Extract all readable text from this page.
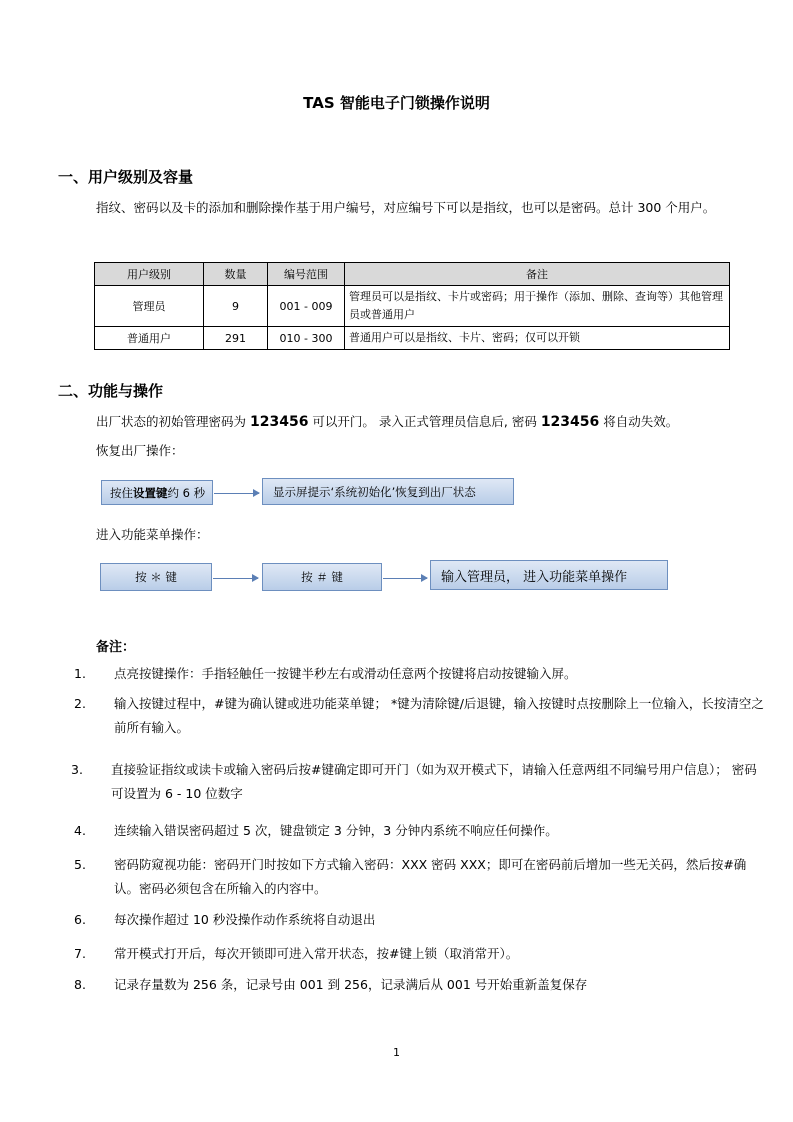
TAS 智能电子门锁操作说明
一、用户级别及容量
指纹、密码以及卡的添加和删除操作基于用户编号，对应编号下可以是指纹，也可以是密码。总计 300 个用户。
用户级别	数量	编号范围	备注
管理员	9	001 - 009	管理员可以是指纹、卡片或密码；用于操作（添加、删除、查询等）其他管理员或普通用户
普通用户	291	010 - 300	普通用户可以是指纹、卡片、密码；仅可以开锁
二、功能与操作
出厂状态的初始管理密码为 123456 可以开门。 录入正式管理员信息后, 密码 123456 将自动失效。
恢复出厂操作：
按住 设置键 约 6 秒	显示屏提示‘系统初始化’恢复到出厂状态
进入功能菜单操作：
按 ＊ 键	按 ＃ 键	输入管理员， 进入功能菜单操作
备注：
1. 点亮按键操作：手指轻触任一按键半秒左右或滑动任意两个按键将启动按键输入屏。
2. 输入按键过程中，#键为确认键或进功能菜单键； *键为清除键/后退键，输入按键时点按删除上一位输入，长按清空之前所有输入。
3. 直接验证指纹或读卡或输入密码后按#键确定即可开门（如为双开模式下，请输入任意两组不同编号用户信息）； 密码可设置为 6 - 10 位数字
4. 连续输入错误密码超过 5 次，键盘锁定 3 分钟，3 分钟内系统不响应任何操作。
5. 密码防窥视功能：密码开门时按如下方式输入密码：XXX 密码 XXX；即可在密码前后增加一些无关码，然后按#确认。密码必须包含在所输入的内容中。
6. 每次操作超过 10 秒没操作动作系统将自动退出
7. 常开模式打开后，每次开锁即可进入常开状态，按#键上锁（取消常开）。
8. 记录存量数为 256 条，记录号由 001 到 256，记录满后从 001 号开始重新盖复保存
1
